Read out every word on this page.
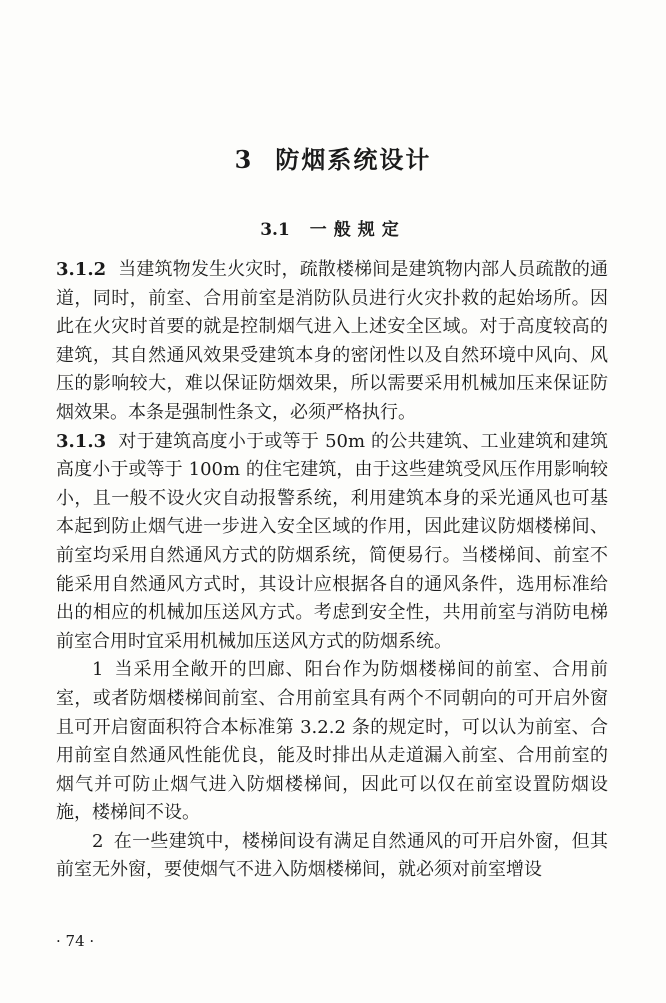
3 防烟系统设计
3.1 一般规定

3.1.2 当建筑物发生火灾时，疏散楼梯间是建筑物内部人员疏散的通道，同时，前室、合用前室是消防队员进行火灾扑救的起始场所。因此在火灾时首要的就是控制烟气进入上述安全区域。对于高度较高的建筑，其自然通风效果受建筑本身的密闭性以及自然环境中风向、风压的影响较大，难以保证防烟效果，所以需要采用机械加压来保证防烟效果。本条是强制性条文，必须严格执行。

3.1.3 对于建筑高度小于或等于 50m 的公共建筑、工业建筑和建筑高度小于或等于 100m 的住宅建筑，由于这些建筑受风压作用影响较小，且一般不设火灾自动报警系统，利用建筑本身的采光通风也可基本起到防止烟气进一步进入安全区域的作用，因此建议防烟楼梯间、前室均采用自然通风方式的防烟系统，简便易行。当楼梯间、前室不能采用自然通风方式时，其设计应根据各自的通风条件，选用标准给出的相应的机械加压送风方式。考虑到安全性，共用前室与消防电梯前室合用时宜采用机械加压送风方式的防烟系统。

1 当采用全敞开的凹廊、阳台作为防烟楼梯间的前室、合用前室，或者防烟楼梯间前室、合用前室具有两个不同朝向的可开启外窗且可开启窗面积符合本标准第 3.2.2 条的规定时，可以认为前室、合用前室自然通风性能优良，能及时排出从走道漏入前室、合用前室的烟气并可防止烟气进入防烟楼梯间，因此可以仅在前室设置防烟设施，楼梯间不设。

2 在一些建筑中，楼梯间设有满足自然通风的可开启外窗，但其前室无外窗，要使烟气不进入防烟楼梯间，就必须对前室增设

· 74 ·
